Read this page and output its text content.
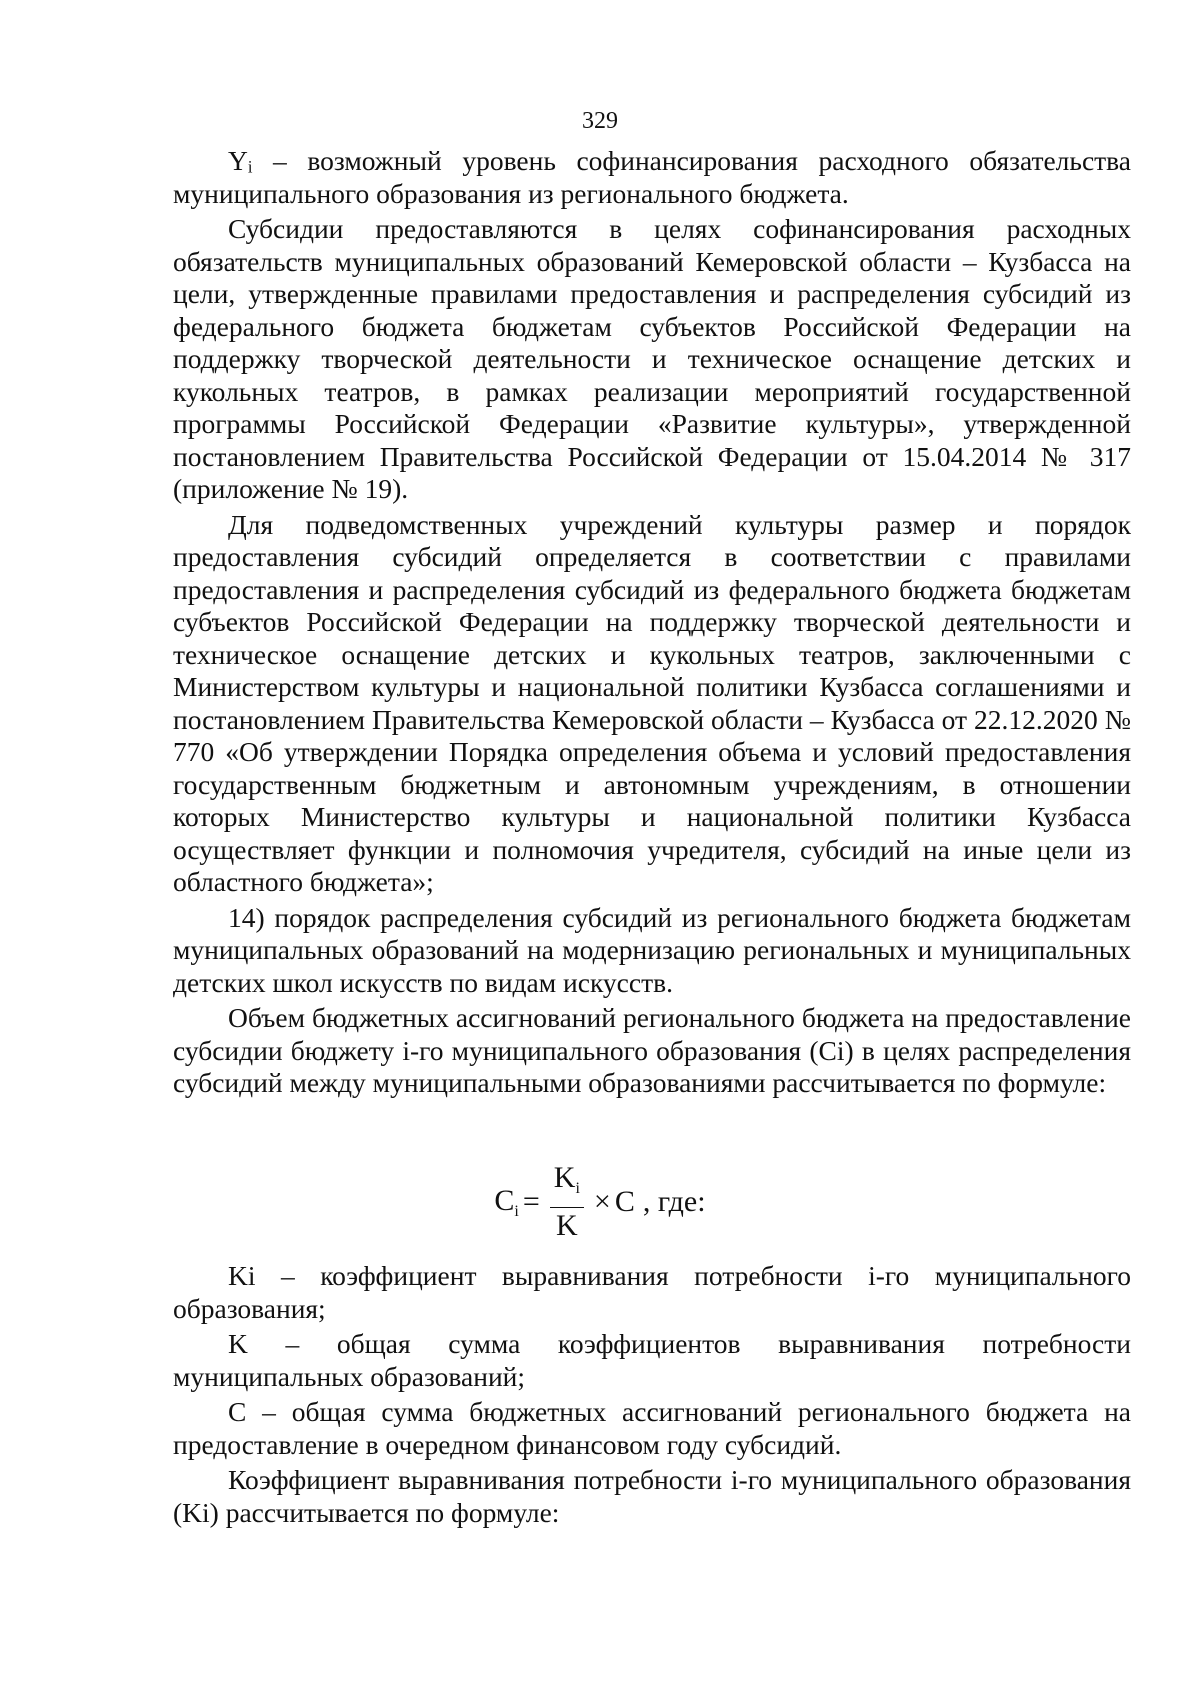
329

Yᵢ – возможный уровень софинансирования расходного обязательства муниципального образования из регионального бюджета.

Субсидии предоставляются в целях софинансирования расходных обязательств муниципальных образований Кемеровской области – Кузбасса на цели, утвержденные правилами предоставления и распределения субсидий из федерального бюджета бюджетам субъектов Российской Федерации на поддержку творческой деятельности и техническое оснащение детских и кукольных театров, в рамках реализации мероприятий государственной программы Российской Федерации «Развитие культуры», утвержденной постановлением Правительства Российской Федерации от 15.04.2014 № 317 (приложение № 19).

Для подведомственных учреждений культуры размер и порядок предоставления субсидий определяется в соответствии с правилами предоставления и распределения субсидий из федерального бюджета бюджетам субъектов Российской Федерации на поддержку творческой деятельности и техническое оснащение детских и кукольных театров, заключенными с Министерством культуры и национальной политики Кузбасса соглашениями и постановлением Правительства Кемеровской области – Кузбасса от 22.12.2020 № 770 «Об утверждении Порядка определения объема и условий предоставления государственным бюджетным и автономным учреждениям, в отношении которых Министерство культуры и национальной политики Кузбасса осуществляет функции и полномочия учредителя, субсидий на иные цели из областного бюджета»;

14) порядок распределения субсидий из регионального бюджета бюджетам муниципальных образований на модернизацию региональных и муниципальных детских школ искусств по видам искусств.

Объем бюджетных ассигнований регионального бюджета на предоставление субсидии бюджету i-го муниципального образования (Ci) в целях распределения субсидий между муниципальными образованиями рассчитывается по формуле:

$C_i = \frac{K_i}{K} \times C$ , где:

Ki – коэффициент выравнивания потребности i-го муниципального образования;

K – общая сумма коэффициентов выравнивания потребности муниципальных образований;

C – общая сумма бюджетных ассигнований регионального бюджета на предоставление в очередном финансовом году субсидий.

Коэффициент выравнивания потребности i-го муниципального образования (Ki) рассчитывается по формуле:
